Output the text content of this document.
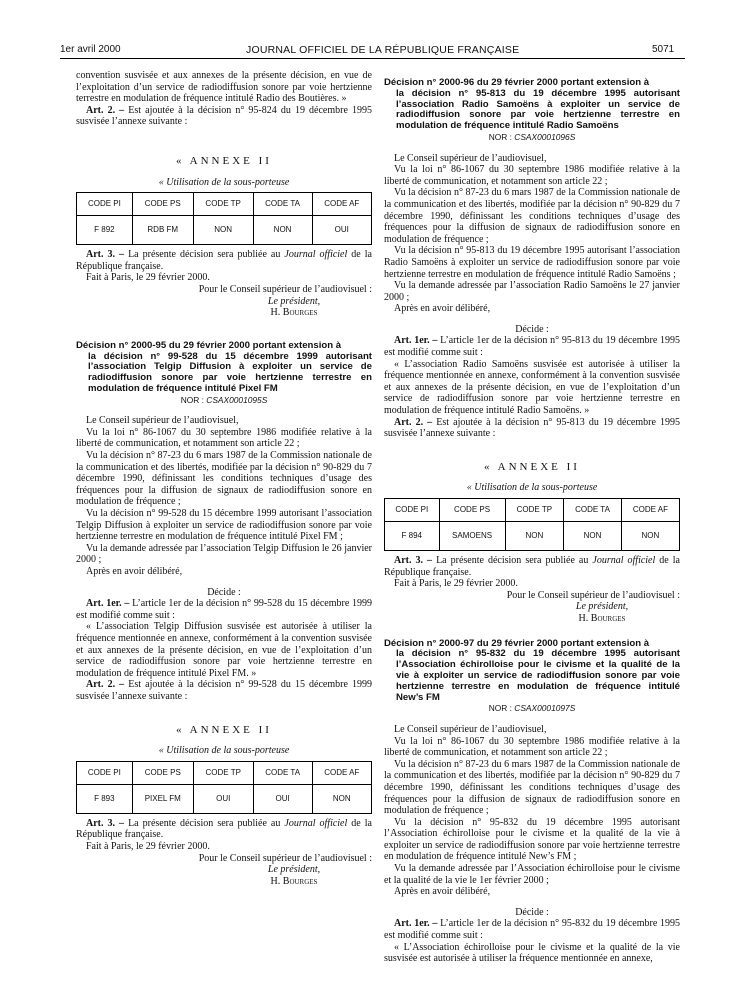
1er avril 2000	JOURNAL OFFICIEL DE LA RÉPUBLIQUE FRANÇAISE	5071

convention susvisée et aux annexes de la présente décision, en vue de l’exploitation d’un service de radiodiffusion sonore par voie hertzienne terrestre en modulation de fréquence intitulé Radio des Boutières. »

Art. 2. – Est ajoutée à la décision n° 95-824 du 19 décembre 1995 susvisée l’annexe suivante :

« ANNEXE II

« Utilisation de la sous-porteuse

CODE PI	CODE PS	CODE TP	CODE TA	CODE AF
F 892	RDB FM	NON	NON	OUI

Art. 3. – La présente décision sera publiée au Journal officiel de la République française.

Fait à Paris, le 29 février 2000.

Pour le Conseil supérieur de l’audiovisuel :

Le président,

H. Bourges

Décision n° 2000-95 du 29 février 2000 portant extension à
la décision n° 99-528 du 15 décembre 1999 autorisant l’association Telgip Diffusion à exploiter un service de radiodiffusion sonore par voie hertzienne terrestre en modulation de fréquence intitulé Pixel FM

NOR : CSAX0001095S

Le Conseil supérieur de l’audiovisuel,

Vu la loi n° 86-1067 du 30 septembre 1986 modifiée relative à la liberté de communication, et notamment son article 22 ;

Vu la décision n° 87-23 du 6 mars 1987 de la Commission nationale de la communication et des libertés, modifiée par la décision n° 90-829 du 7 décembre 1990, définissant les conditions techniques d’usage des fréquences pour la diffusion de signaux de radiodiffusion sonore en modulation de fréquence ;

Vu la décision n° 99-528 du 15 décembre 1999 autorisant l’association Telgip Diffusion à exploiter un service de radiodiffusion sonore par voie hertzienne terrestre en modulation de fréquence intitulé Pixel FM ;

Vu la demande adressée par l’association Telgip Diffusion le 26 janvier 2000 ;

Après en avoir délibéré,

Décide :

Art. 1er. – L’article 1er de la décision n° 99-528 du 15 décembre 1999 est modifié comme suit :

« L’association Telgip Diffusion susvisée est autorisée à utiliser la fréquence mentionnée en annexe, conformément à la convention susvisée et aux annexes de la présente décision, en vue de l’exploitation d’un service de radiodiffusion sonore par voie hertzienne terrestre en modulation de fréquence intitulé Pixel FM. »

Art. 2. – Est ajoutée à la décision n° 99-528 du 15 décembre 1999 susvisée l’annexe suivante :

« ANNEXE II

« Utilisation de la sous-porteuse

CODE PI	CODE PS	CODE TP	CODE TA	CODE AF
F 893	PIXEL FM	OUI	OUI	NON

Art. 3. – La présente décision sera publiée au Journal officiel de la République française.

Fait à Paris, le 29 février 2000.

Pour le Conseil supérieur de l’audiovisuel :

Le président,

H. Bourges

Décision n° 2000-96 du 29 février 2000 portant extension à
la décision n° 95-813 du 19 décembre 1995 autorisant l’association Radio Samoëns à exploiter un service de radiodiffusion sonore par voie hertzienne terrestre en modulation de fréquence intitulé Radio Samoëns

NOR : CSAX0001096S

Le Conseil supérieur de l’audiovisuel,

Vu la loi n° 86-1067 du 30 septembre 1986 modifiée relative à la liberté de communication, et notamment son article 22 ;

Vu la décision n° 87-23 du 6 mars 1987 de la Commission nationale de la communication et des libertés, modifiée par la décision n° 90-829 du 7 décembre 1990, définissant les conditions techniques d’usage des fréquences pour la diffusion de signaux de radiodiffusion sonore en modulation de fréquence ;

Vu la décision n° 95-813 du 19 décembre 1995 autorisant l’association Radio Samoëns à exploiter un service de radiodiffusion sonore par voie hertzienne terrestre en modulation de fréquence intitulé Radio Samoëns ;

Vu la demande adressée par l’association Radio Samoëns le 27 janvier 2000 ;

Après en avoir délibéré,

Décide :

Art. 1er. – L’article 1er de la décision n° 95-813 du 19 décembre 1995 est modifié comme suit :

« L’association Radio Samoëns susvisée est autorisée à utiliser la fréquence mentionnée en annexe, conformément à la convention susvisée et aux annexes de la présente décision, en vue de l’exploitation d’un service de radiodiffusion sonore par voie hertzienne terrestre en modulation de fréquence intitulé Radio Samoëns. »

Art. 2. – Est ajoutée à la décision n° 95-813 du 19 décembre 1995 susvisée l’annexe suivante :

« ANNEXE II

« Utilisation de la sous-porteuse

CODE PI	CODE PS	CODE TP	CODE TA	CODE AF
F 894	SAMOENS	NON	NON	NON

Art. 3. – La présente décision sera publiée au Journal officiel de la République française.

Fait à Paris, le 29 février 2000.

Pour le Conseil supérieur de l’audiovisuel :

Le président,

H. Bourges

Décision n° 2000-97 du 29 février 2000 portant extension à
la décision n° 95-832 du 19 décembre 1995 autorisant l’Association échirolloise pour le civisme et la qualité de la vie à exploiter un service de radiodiffusion sonore par voie hertzienne terrestre en modulation de fréquence intitulé New’s FM

NOR : CSAX0001097S

Le Conseil supérieur de l’audiovisuel,

Vu la loi n° 86-1067 du 30 septembre 1986 modifiée relative à la liberté de communication, et notamment son article 22 ;

Vu la décision n° 87-23 du 6 mars 1987 de la Commission nationale de la communication et des libertés, modifiée par la décision n° 90-829 du 7 décembre 1990, définissant les conditions techniques d’usage des fréquences pour la diffusion de signaux de radiodiffusion sonore en modulation de fréquence ;

Vu la décision n° 95-832 du 19 décembre 1995 autorisant l’Association échirolloise pour le civisme et la qualité de la vie à exploiter un service de radiodiffusion sonore par voie hertzienne terrestre en modulation de fréquence intitulé New’s FM ;

Vu la demande adressée par l’Association échirolloise pour le civisme et la qualité de la vie le 1er février 2000 ;

Après en avoir délibéré,

Décide :

Art. 1er. – L’article 1er de la décision n° 95-832 du 19 décembre 1995 est modifié comme suit :

« L’Association échirolloise pour le civisme et la qualité de la vie susvisée est autorisée à utiliser la fréquence mentionnée en annexe,
